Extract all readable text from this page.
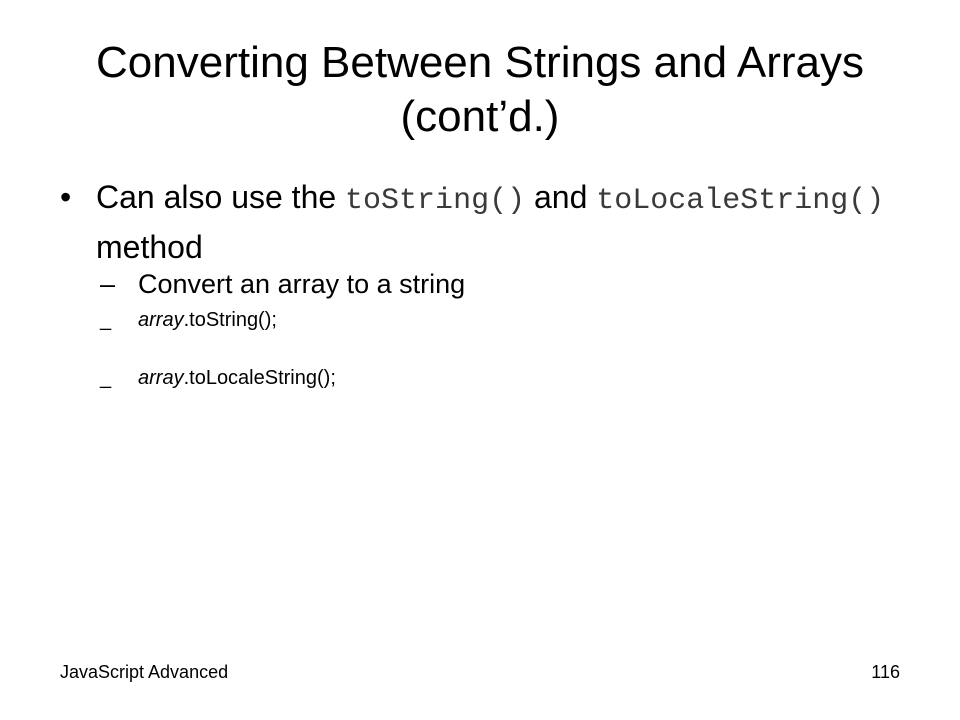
Converting Between Strings and Arrays
(cont’d.)
• Can also use the toString() and toLocaleString() method
– Convert an array to a string
_ array.toString();
_ array.toLocaleString();
JavaScript Advanced	116
